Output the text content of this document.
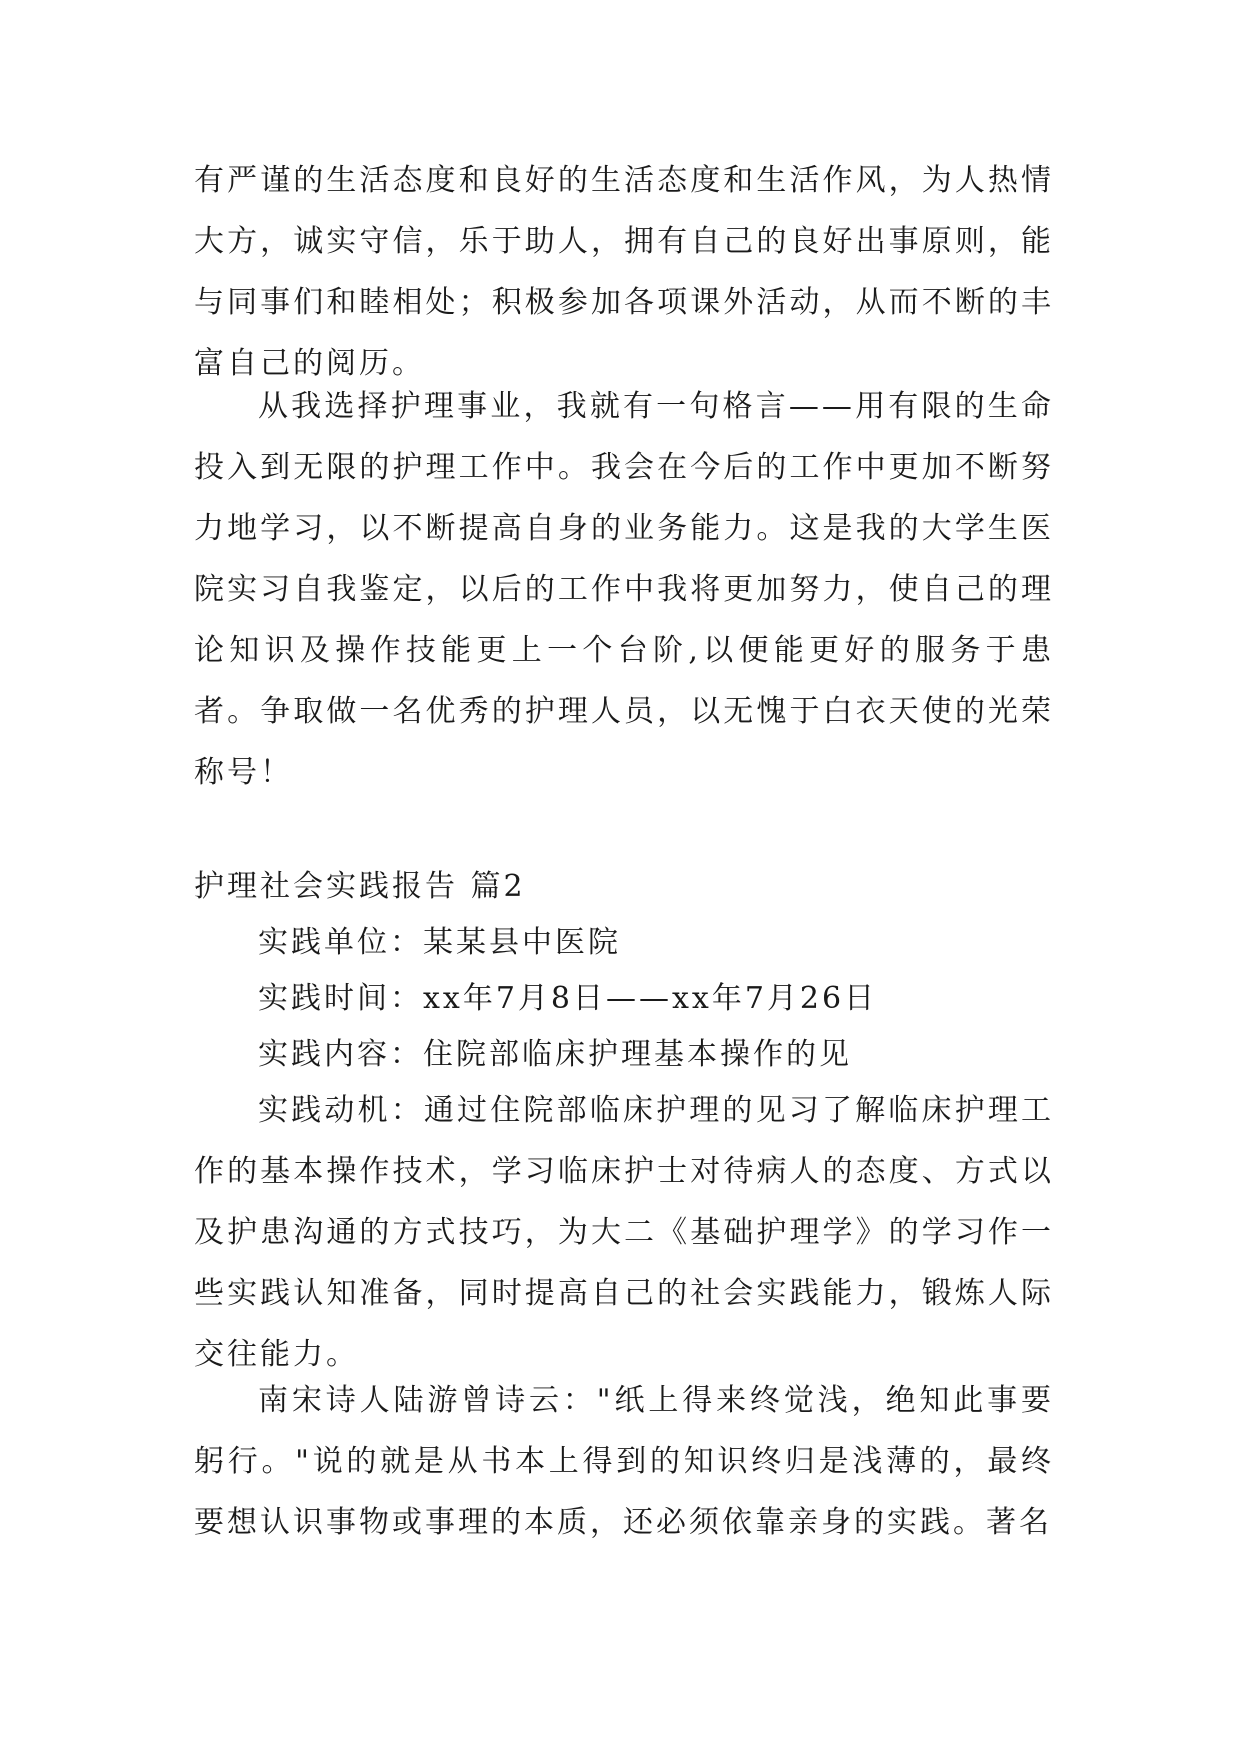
有严谨的生活态度和良好的生活态度和生活作风，为人热情大方，诚实守信，乐于助人，拥有自己的良好出事原则，能与同事们和睦相处；积极参加各项课外活动，从而不断的丰富自己的阅历。

从我选择护理事业，我就有一句格言——用有限的生命投入到无限的护理工作中。我会在今后的工作中更加不断努力地学习，以不断提高自身的业务能力。这是我的大学生医院实习自我鉴定，以后的工作中我将更加努力，使自己的理论知识及操作技能更上一个台阶,以便能更好的服务于患者。争取做一名优秀的护理人员，以无愧于白衣天使的光荣称号！

护理社会实践报告 篇2
实践单位：某某县中医院
实践时间：xx年7月8日——xx年7月26日
实践内容：住院部临床护理基本操作的见

实践动机：通过住院部临床护理的见习了解临床护理工作的基本操作技术，学习临床护士对待病人的态度、方式以及护患沟通的方式技巧，为大二《基础护理学》的学习作一些实践认知准备，同时提高自己的社会实践能力，锻炼人际交往能力。

南宋诗人陆游曾诗云："纸上得来终觉浅，绝知此事要躬行。"说的就是从书本上得到的知识终归是浅薄的，最终要想认识事物或事理的本质，还必须依靠亲身的实践。著名
